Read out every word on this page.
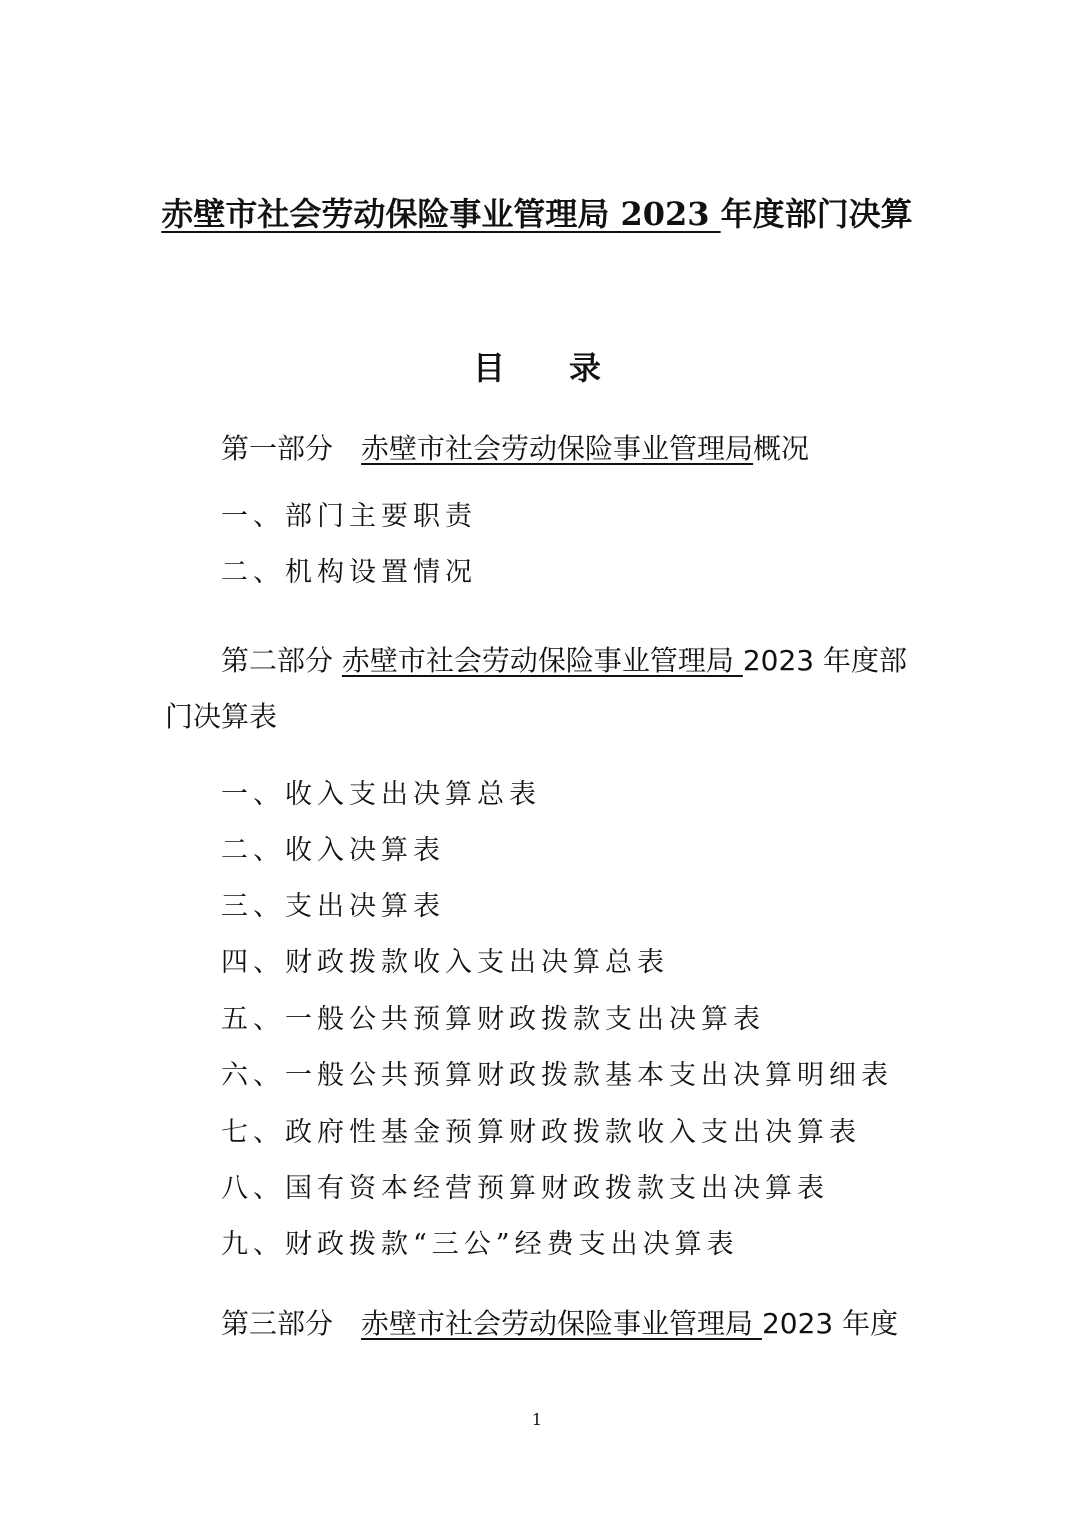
赤壁市社会劳动保险事业管理局 2023 年度部门决算
目 录
第一部分　 赤壁市社会劳动保险事业管理局概况
一、部门主要职责
二、机构设置情况
第二部分 赤壁市社会劳动保险事业管理局 2023 年度部门决算表
一、收入支出决算总表
二、收入决算表
三、支出决算表
四、财政拨款收入支出决算总表
五、一般公共预算财政拨款支出决算表
六、一般公共预算财政拨款基本支出决算明细表
七、政府性基金预算财政拨款收入支出决算表
八、国有资本经营预算财政拨款支出决算表
九、财政拨款“三公”经费支出决算表
第三部分　 赤壁市社会劳动保险事业管理局 2023 年度
1
